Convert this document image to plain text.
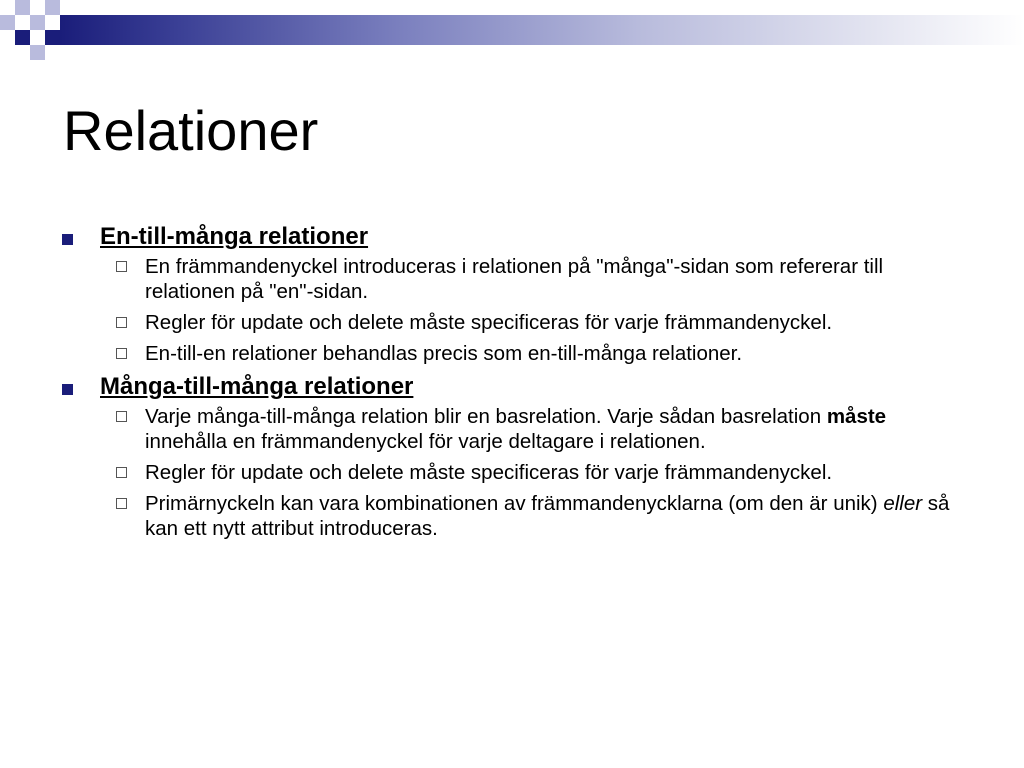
Relationer
En-till-många relationer
En främmandenyckel introduceras i relationen på "många"-sidan som refererar till relationen på "en"-sidan.
Regler för update och delete måste specificeras för varje främmandenyckel.
En-till-en relationer behandlas precis som en-till-många relationer.
Många-till-många relationer
Varje många-till-många relation blir en basrelation. Varje sådan basrelation måste innehålla en främmandenyckel för varje deltagare i relationen.
Regler för update och delete måste specificeras för varje främmandenyckel.
Primärnyckeln kan vara kombinationen av främmandenycklarna (om den är unik) eller så kan ett nytt attribut introduceras.
